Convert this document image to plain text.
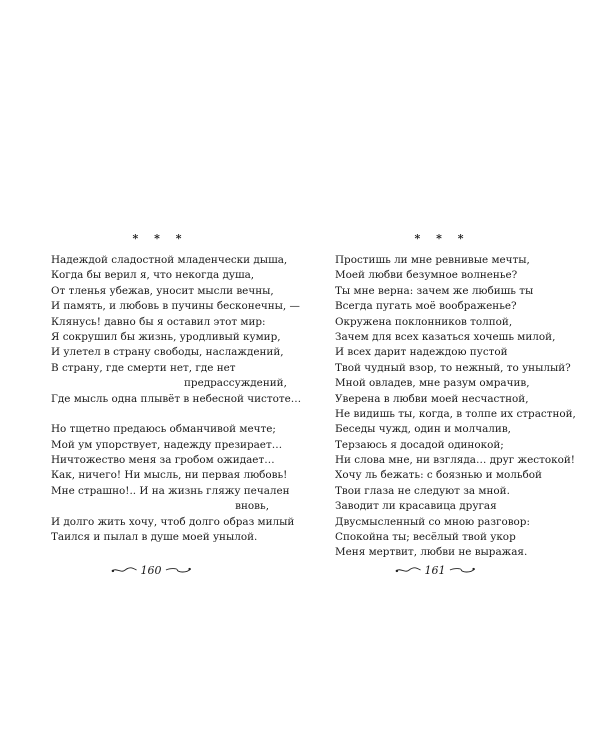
* * *
Надеждой сладостной младенчески дыша,
Когда бы верил я, что некогда душа,
От тленья убежав, уносит мысли вечны,
И память, и любовь в пучины бесконечны, —
Клянусь! давно бы я оставил этот мир:
Я сокрушил бы жизнь, уродливый кумир,
И улетел в страну свободы, наслаждений,
В страну, где смерти нет, где нет
предрассуждений,
Где мысль одна плывёт в небесной чистоте…
Но тщетно предаюсь обманчивой мечте;
Мой ум упорствует, надежду презирает…
Ничтожество меня за гробом ожидает…
Как, ничего! Ни мысль, ни первая любовь!
Мне страшно!.. И на жизнь гляжу печален
вновь,
И долго жить хочу, чтоб долго образ милый
Таился и пылал в душе моей унылой.
160
* * *
Простишь ли мне ревнивые мечты,
Моей любви безумное волненье?
Ты мне верна: зачем же любишь ты
Всегда пугать моё воображенье?
Окружена поклонников толпой,
Зачем для всех казаться хочешь милой,
И всех дарит надеждою пустой
Твой чудный взор, то нежный, то унылый?
Мной овладев, мне разум омрачив,
Уверена в любви моей несчастной,
Не видишь ты, когда, в толпе их страстной,
Беседы чужд, один и молчалив,
Терзаюсь я досадой одинокой;
Ни слова мне, ни взгляда… друг жестокой!
Хочу ль бежать: с боязнью и мольбой
Твои глаза не следуют за мной.
Заводит ли красавица другая
Двусмысленный со мною разговор:
Спокойна ты; весёлый твой укор
Меня мертвит, любви не выражая.
161
